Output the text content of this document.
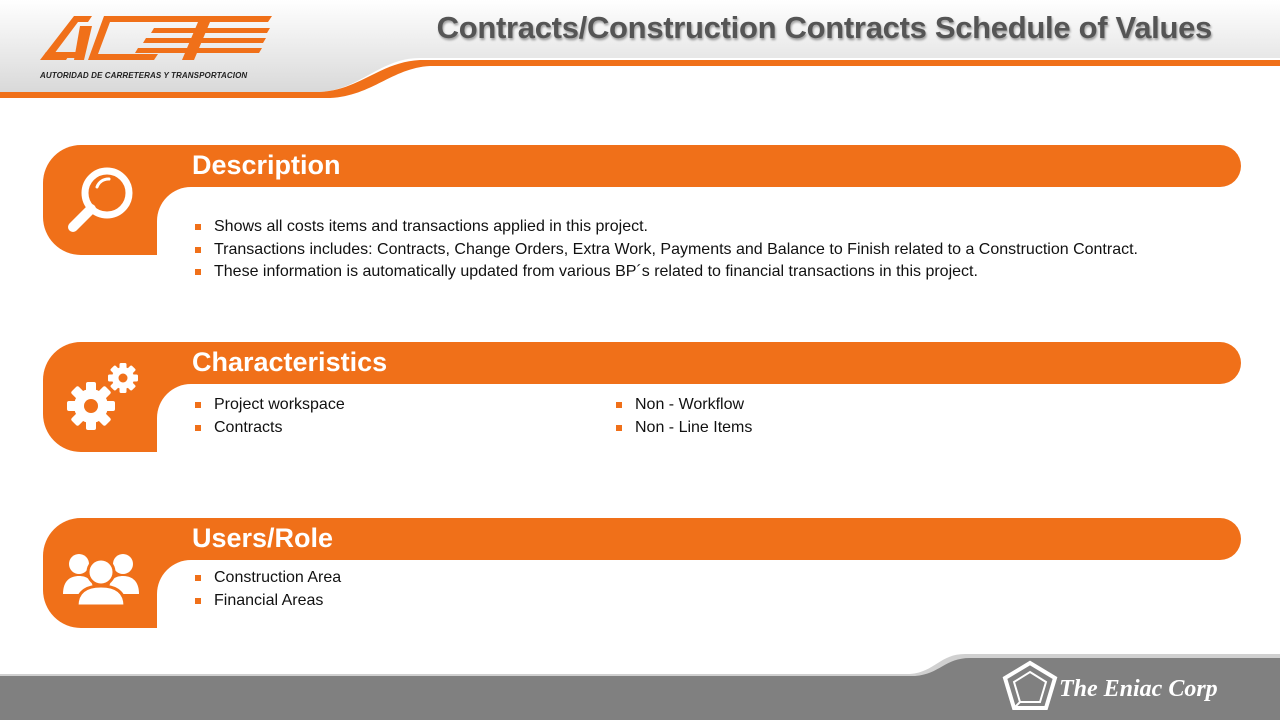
AUTORIDAD DE CARRETERAS Y TRANSPORTACION
Contracts/Construction Contracts Schedule of Values
Description
Shows all costs items and transactions applied in this project.
Transactions includes: Contracts, Change Orders, Extra Work, Payments and Balance to Finish related to a Construction Contract.
These information is automatically updated from various BP´s related to financial transactions in this project.
Characteristics
Project workspace
Contracts
Non - Workflow
Non - Line Items
Users/Role
Construction Area
Financial Areas
The Eniac Corp
